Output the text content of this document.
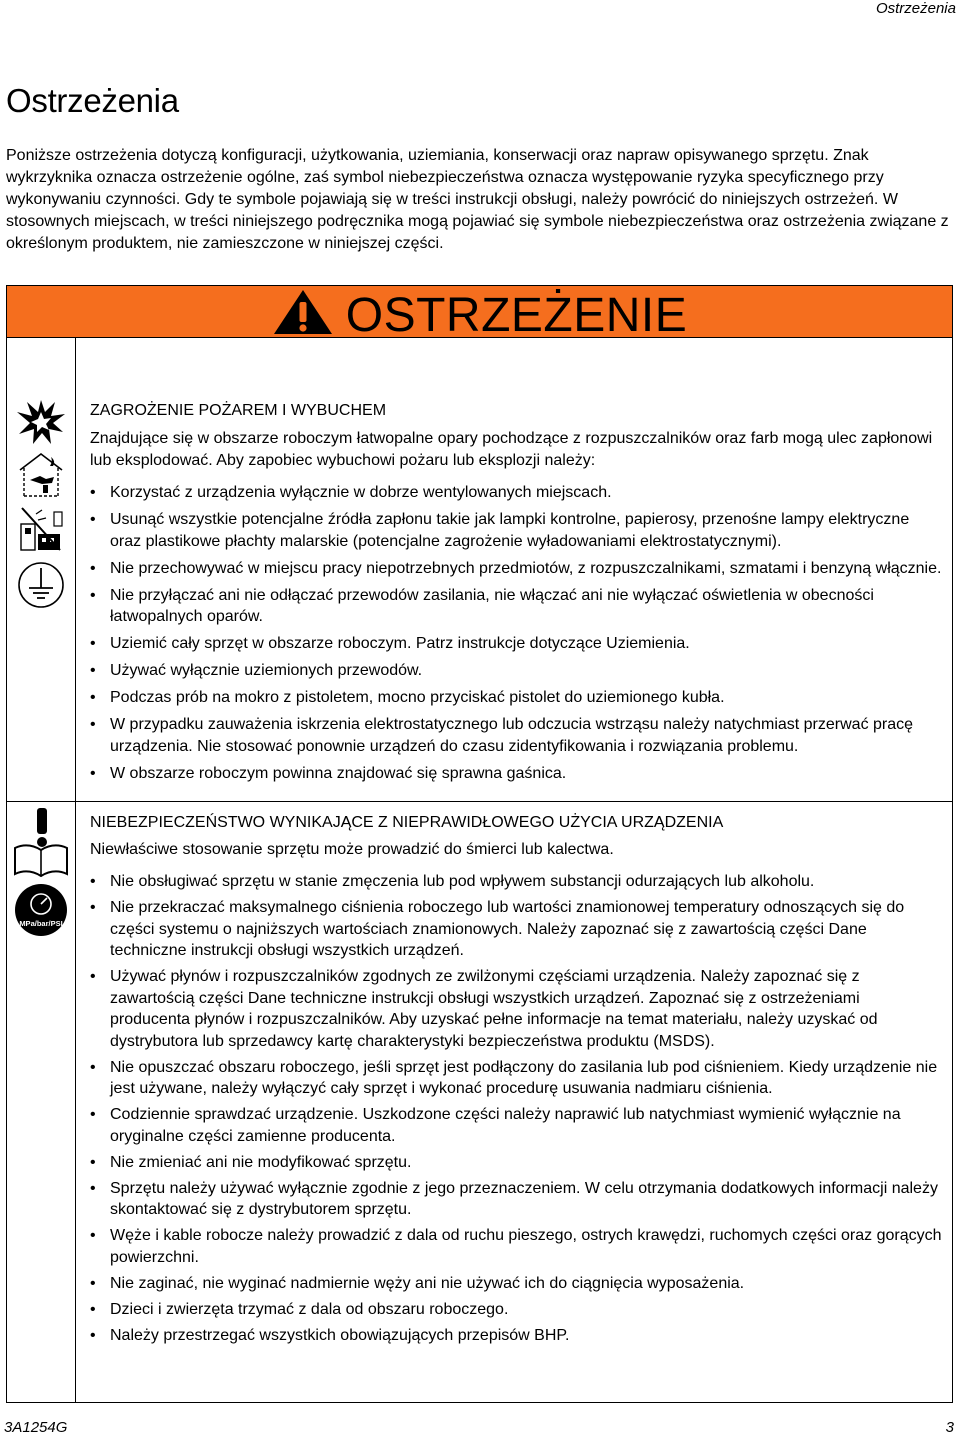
Ostrzeżenia
Ostrzeżenia

Poniższe ostrzeżenia dotyczą konfiguracji, użytkowania, uziemiania, konserwacji oraz napraw opisywanego sprzętu. Znak wykrzyknika oznacza ostrzeżenie ogólne, zaś symbol niebezpieczeństwa oznacza występowanie ryzyka specyficznego przy wykonywaniu czynności. Gdy te symbole pojawiają się w treści instrukcji obsługi, należy powrócić do niniejszych ostrzeżeń. W stosownych miejscach, w treści niniejszego podręcznika mogą pojawiać się symbole niebezpieczeństwa oraz ostrzeżenia związane z określonym produktem, nie zamieszczone w niniejszej części.

OSTRZEŻENIE
ZAGROŻENIE POŻAREM I WYBUCHEM

Znajdujące się w obszarze roboczym łatwopalne opary pochodzące z rozpuszczalników oraz farb mogą ulec zapłonowi lub eksplodować. Aby zapobiec wybuchowi pożaru lub eksplozji należy:

• Korzystać z urządzenia wyłącznie w dobrze wentylowanych miejscach.
• Usunąć wszystkie potencjalne źródła zapłonu takie jak lampki kontrolne, papierosy, przenośne lampy elektryczne oraz plastikowe płachty malarskie (potencjalne zagrożenie wyładowaniami elektrostatycznymi).
• Nie przechowywać w miejscu pracy niepotrzebnych przedmiotów, z rozpuszczalnikami, szmatami i benzyną włącznie.
• Nie przyłączać ani nie odłączać przewodów zasilania, nie włączać ani nie wyłączać oświetlenia w obecności łatwopalnych oparów.
• Uziemić cały sprzęt w obszarze roboczym. Patrz instrukcje dotyczące Uziemienia.
• Używać wyłącznie uziemionych przewodów.
• Podczas prób na mokro z pistoletem, mocno przyciskać pistolet do uziemionego kubła.
• W przypadku zauważenia iskrzenia elektrostatycznego lub odczucia wstrząsu należy natychmiast przerwać pracę urządzenia. Nie stosować ponownie urządzeń do czasu zidentyfikowania i rozwiązania problemu.
• W obszarze roboczym powinna znajdować się sprawna gaśnica.
MPa/bar/PSI
NIEBEZPIECZEŃSTWO WYNIKAJĄCE Z NIEPRAWIDŁOWEGO UŻYCIA URZĄDZENIA

Niewłaściwe stosowanie sprzętu może prowadzić do śmierci lub kalectwa.

• Nie obsługiwać sprzętu w stanie zmęczenia lub pod wpływem substancji odurzających lub alkoholu.
• Nie przekraczać maksymalnego ciśnienia roboczego lub wartości znamionowej temperatury odnoszących się do części systemu o najniższych wartościach znamionowych. Należy zapoznać się z zawartością części Dane techniczne instrukcji obsługi wszystkich urządzeń.
• Używać płynów i rozpuszczalników zgodnych ze zwilżonymi częściami urządzenia. Należy zapoznać się z zawartością części Dane techniczne instrukcji obsługi wszystkich urządzeń. Zapoznać się z ostrzeżeniami producenta płynów i rozpuszczalników. Aby uzyskać pełne informacje na temat materiału, należy uzyskać od dystrybutora lub sprzedawcy kartę charakterystyki bezpieczeństwa produktu (MSDS).
• Nie opuszczać obszaru roboczego, jeśli sprzęt jest podłączony do zasilania lub pod ciśnieniem. Kiedy urządzenie nie jest używane, należy wyłączyć cały sprzęt i wykonać procedurę usuwania nadmiaru ciśnienia.
• Codziennie sprawdzać urządzenie. Uszkodzone części należy naprawić lub natychmiast wymienić wyłącznie na oryginalne części zamienne producenta.
• Nie zmieniać ani nie modyfikować sprzętu.
• Sprzętu należy używać wyłącznie zgodnie z jego przeznaczeniem. W celu otrzymania dodatkowych informacji należy skontaktować się z dystrybutorem sprzętu.
• Węże i kable robocze należy prowadzić z dala od ruchu pieszego, ostrych krawędzi, ruchomych części oraz gorących powierzchni.
• Nie zaginać, nie wyginać nadmiernie węży ani nie używać ich do ciągnięcia wyposażenia.
• Dzieci i zwierzęta trzymać z dala od obszaru roboczego.
• Należy przestrzegać wszystkich obowiązujących przepisów BHP.
3A1254G	3
